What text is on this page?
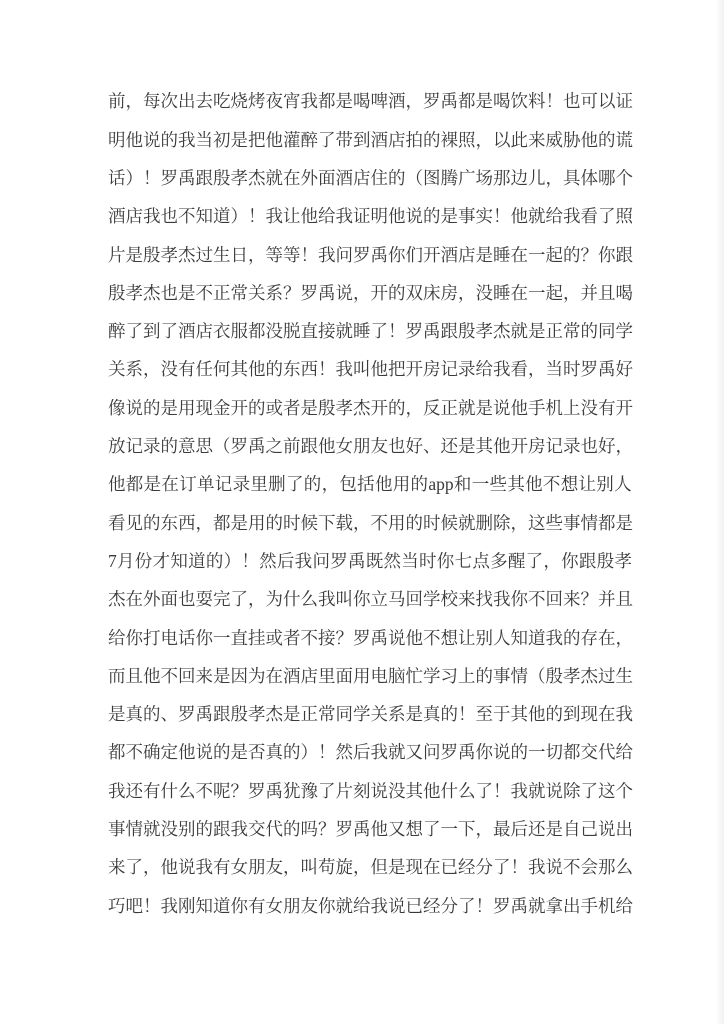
前 ， 每 次 出 去 吃 烧 烤 夜 宵 我 都 是 喝 啤 酒 ， 罗 禹 都 是 喝 饮 料 ！ 也 可 以 证
明 他 说 的 我 当 初 是 把 他 灌 醉 了 带 到 酒 店 拍 的 裸 照 ， 以 此 来 威 胁 他 的 谎
话 ） ！ 罗 禹 跟 殷 孝 杰 就 在 外 面 酒 店 住 的 （ 图 腾 广 场 那 边 儿 ， 具 体 哪 个
酒 店 我 也 不 知 道 ） ！ 我 让 他 给 我 证 明 他 说 的 是 事 实 ！ 他 就 给 我 看 了 照
片 是 殷 孝 杰 过 生 日 ， 等 等 ！ 我 问 罗 禹 你 们 开 酒 店 是 睡 在 一 起 的 ？ 你 跟
殷 孝 杰 也 是 不 正 常 关 系 ？ 罗 禹 说 ， 开 的 双 床 房 ， 没 睡 在 一 起 ， 并 且 喝
醉 了 到 了 酒 店 衣 服 都 没 脱 直 接 就 睡 了 ！ 罗 禹 跟 殷 孝 杰 就 是 正 常 的 同 学
关 系 ， 没 有 任 何 其 他 的 东 西 ！ 我 叫 他 把 开 房 记 录 给 我 看 ， 当 时 罗 禹 好
像 说 的 是 用 现 金 开 的 或 者 是 殷 孝 杰 开 的 ， 反 正 就 是 说 他 手 机 上 没 有 开
放 记 录 的 意 思 （ 罗 禹 之 前 跟 他 女 朋 友 也 好 、 还 是 其 他 开 房 记 录 也 好 ，
他 都 是 在 订 单 记 录 里 删 了 的 ， 包 括 他 用 的 app 和 一 些 其 他 不 想 让 别 人
看 见 的 东 西 ， 都 是 用 的 时 候 下 载 ， 不 用 的 时 候 就 删 除 ， 这 些 事 情 都 是
7 月 份 才 知 道 的 ） ！ 然 后 我 问 罗 禹 既 然 当 时 你 七 点 多 醒 了 ， 你 跟 殷 孝
杰 在 外 面 也 耍 完 了 ， 为 什 么 我 叫 你 立 马 回 学 校 来 找 我 你 不 回 来 ？ 并 且
给 你 打 电 话 你 一 直 挂 或 者 不 接 ？ 罗 禹 说 他 不 想 让 别 人 知 道 我 的 存 在 ，
而 且 他 不 回 来 是 因 为 在 酒 店 里 面 用 电 脑 忙 学 习 上 的 事 情 （ 殷 孝 杰 过 生
是 真 的 、 罗 禹 跟 殷 孝 杰 是 正 常 同 学 关 系 是 真 的 ！ 至 于 其 他 的 到 现 在 我
都 不 确 定 他 说 的 是 否 真 的 ） ！ 然 后 我 就 又 问 罗 禹 你 说 的 一 切 都 交 代 给
我 还 有 什 么 不 呢 ？ 罗 禹 犹 豫 了 片 刻 说 没 其 他 什 么 了 ！ 我 就 说 除 了 这 个
事 情 就 没 别 的 跟 我 交 代 的 吗 ？ 罗 禹 他 又 想 了 一 下 ， 最 后 还 是 自 己 说 出
来 了 ， 他 说 我 有 女 朋 友 ， 叫 苟 旋 ， 但 是 现 在 已 经 分 了 ！ 我 说 不 会 那 么
巧 吧 ！ 我 刚 知 道 你 有 女 朋 友 你 就 给 我 说 已 经 分 了 ！ 罗 禹 就 拿 出 手 机 给
